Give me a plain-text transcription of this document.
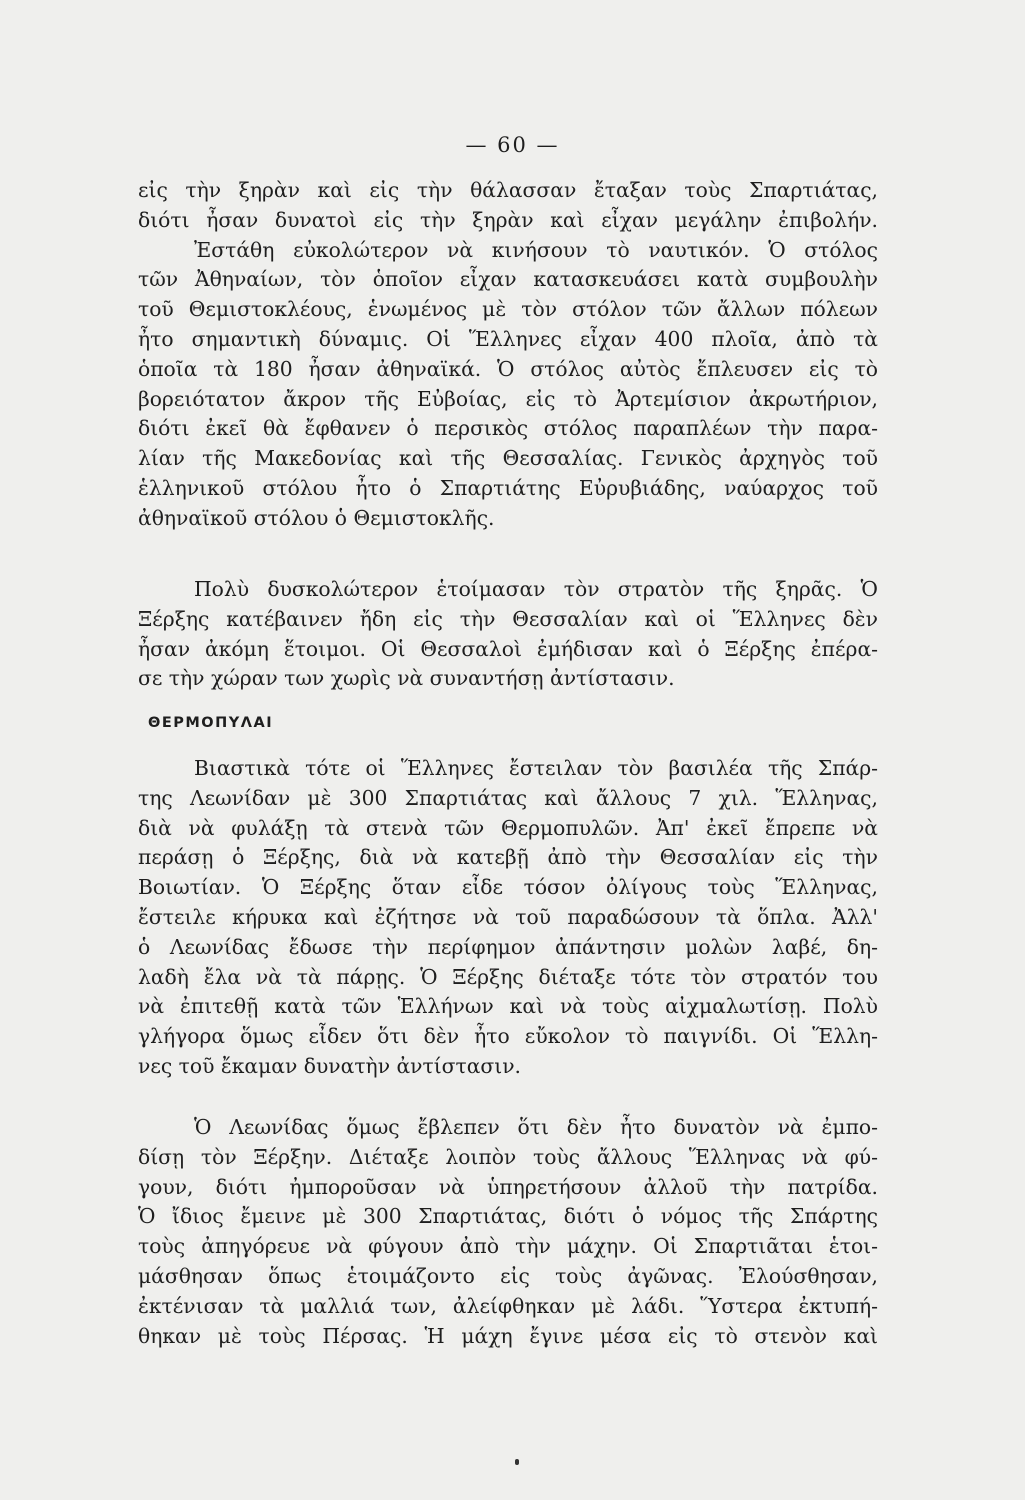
— 60 —
εἰς τὴν ξηρὰν καὶ εἰς τὴν θάλασσαν ἔταξαν τοὺς Σπαρτιάτας,
διότι ἦσαν δυνατοὶ εἰς τὴν ξηρὰν καὶ εἶχαν μεγάλην ἐπιβολήν.
Ἐστάθη εὐκολώτερον νὰ κινήσουν τὸ ναυτικόν. Ὁ στόλος
τῶν Ἀθηναίων, τὸν ὁποῖον εἶχαν κατασκευάσει κατὰ συμβουλὴν
τοῦ Θεμιστοκλέους, ἑνωμένος μὲ τὸν στόλον τῶν ἄλλων πόλεων
ἦτο σημαντικὴ δύναμις. Οἱ Ἕλληνες εἶχαν 400 πλοῖα, ἀπὸ τὰ
ὁποῖα τὰ 180 ἦσαν ἀθηναϊκά. Ὁ στόλος αὐτὸς ἔπλευσεν εἰς τὸ
βορειότατον ἄκρον τῆς Εὐβοίας, εἰς τὸ Ἀρτεμίσιον ἀκρωτήριον,
διότι ἐκεῖ θὰ ἔφθανεν ὁ περσικὸς στόλος παραπλέων τὴν παρα-
λίαν τῆς Μακεδονίας καὶ τῆς Θεσσαλίας. Γενικὸς ἀρχηγὸς τοῦ
ἑλληνικοῦ στόλου ἦτο ὁ Σπαρτιάτης Εὐρυβιάδης, ναύαρχος τοῦ
ἀθηναϊκοῦ στόλου ὁ Θεμιστοκλῆς.
Πολὺ δυσκολώτερον ἑτοίμασαν τὸν στρατὸν τῆς ξηρᾶς. Ὁ
Ξέρξης κατέβαινεν ἤδη εἰς τὴν Θεσσαλίαν καὶ οἱ Ἕλληνες δὲν
ἦσαν ἀκόμη ἕτοιμοι. Οἱ Θεσσαλοὶ ἐμήδισαν καὶ ὁ Ξέρξης ἐπέρα-
σε τὴν χώραν των χωρὶς νὰ συναντήσῃ ἀντίστασιν.
ΘΕΡΜΟΠΥΛΑΙ
Βιαστικὰ τότε οἱ Ἕλληνες ἔστειλαν τὸν βασιλέα τῆς Σπάρ-
της Λεωνίδαν μὲ 300 Σπαρτιάτας καὶ ἄλλους 7 χιλ. Ἕλληνας,
διὰ νὰ φυλάξῃ τὰ στενὰ τῶν Θερμοπυλῶν. Ἀπ' ἐκεῖ ἔπρεπε νὰ
περάσῃ ὁ Ξέρξης, διὰ νὰ κατεβῇ ἀπὸ τὴν Θεσσαλίαν εἰς τὴν
Βοιωτίαν. Ὁ Ξέρξης ὅταν εἶδε τόσον ὀλίγους τοὺς Ἕλληνας,
ἔστειλε κήρυκα καὶ ἐζήτησε νὰ τοῦ παραδώσουν τὰ ὅπλα. Ἀλλ'
ὁ Λεωνίδας ἔδωσε τὴν περίφημον ἀπάντησιν μολὼν λαβέ, δη-
λαδὴ ἔλα νὰ τὰ πάρῃς. Ὁ Ξέρξης διέταξε τότε τὸν στρατόν του
νὰ ἐπιτεθῇ κατὰ τῶν Ἑλλήνων καὶ νὰ τοὺς αἰχμαλωτίσῃ. Πολὺ
γλήγορα ὅμως εἶδεν ὅτι δὲν ἦτο εὔκολον τὸ παιγνίδι. Οἱ Ἕλλη-
νες τοῦ ἔκαμαν δυνατὴν ἀντίστασιν.
Ὁ Λεωνίδας ὅμως ἔβλεπεν ὅτι δὲν ἦτο δυνατὸν νὰ ἐμπο-
δίσῃ τὸν Ξέρξην. Διέταξε λοιπὸν τοὺς ἄλλους Ἕλληνας νὰ φύ-
γουν, διότι ἠμποροῦσαν νὰ ὑπηρετήσουν ἀλλοῦ τὴν πατρίδα.
Ὁ ἴδιος ἔμεινε μὲ 300 Σπαρτιάτας, διότι ὁ νόμος τῆς Σπάρτης
τοὺς ἀπηγόρευε νὰ φύγουν ἀπὸ τὴν μάχην. Οἱ Σπαρτιᾶται ἑτοι-
μάσθησαν ὅπως ἑτοιμάζοντο εἰς τοὺς ἀγῶνας. Ἐλούσθησαν,
ἐκτένισαν τὰ μαλλιά των, ἀλείφθηκαν μὲ λάδι. Ὕστερα ἐκτυπή-
θηκαν μὲ τοὺς Πέρσας. Ἡ μάχη ἔγινε μέσα εἰς τὸ στενὸν καὶ
